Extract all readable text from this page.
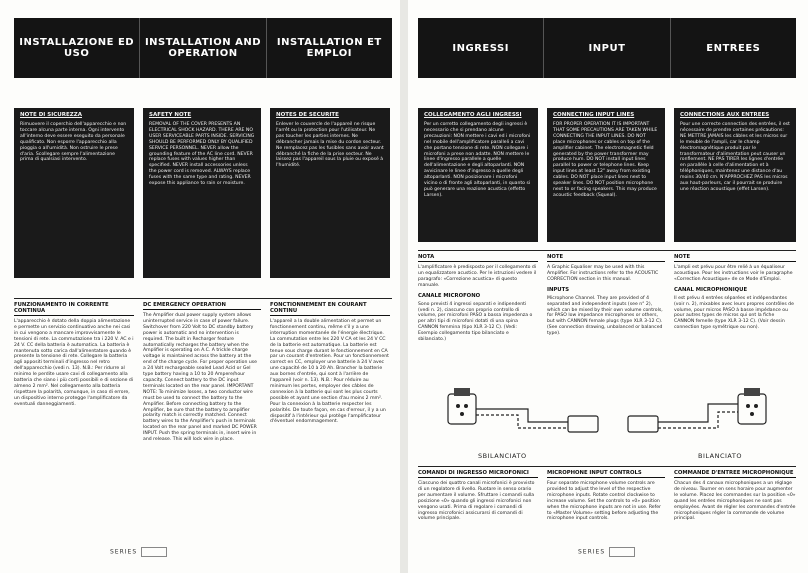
INSTALLAZIONE ED USO
INSTALLATION AND OPERATION
INSTALLATION ET EMPLOI
NOTE DI SICUREZZA
Rimuovere il coperchio dell'apparecchio e non toccare alcuna parte interna. Ogni intervento all'interno deve essere eseguito da personale qualificato. Non esporre l'apparecchio alla pioggia o all'umidità. Non ostruire le prese d'aria. Scollegare sempre l'alimentazione prima di qualsiasi intervento.
SAFETY NOTE
REMOVAL OF THE COVER PRESENTS AN ELECTRICAL SHOCK HAZARD. THERE ARE NO USER SERVICEABLE PARTS INSIDE. SERVICING SHOULD BE PERFORMED ONLY BY QUALIFIED SERVICE PERSONNEL. NEVER allow the grounding feature of the AC line cord. NEVER replace fuses with values higher than specified. NEVER install accessories unless the power cord is removed. ALWAYS replace fuses with the same type and rating. NEVER expose this appliance to rain or moisture.
NOTES DE SECURITE
Enlever le couvercle de l'appareil ne risque l'arrêt ou la protection pour l'utilisateur. Ne pas toucher les parties internes. Ne débrancher jamais la mise du cordon secteur. Ne remplacez pas les fusibles sans avoir avant débranché la fiche de la prise secteur. Ne laissez pas l'appareil sous la pluie ou exposé à l'humidité.
FUNZIONAMENTO IN CORRENTE CONTINUA
L'apparecchio è dotato della doppia alimentazione e permette un servizio continuativo anche nei casi in cui vengono a mancare improvvisamente le tensioni di rete. La commutazione tra i 220 V. AC e i 24 V. CC della batteria è automatica. La batteria è mantenuta sotto carica dall'alimentatore quando è presente la tensione di rete. Collegare la batteria agli appositi terminali d'ingresso nel retro dell'apparecchio (vedi n. 13). N.B.: Per ridurre al minimo le perdite usare cavi di collegamento alla batteria che siano i più corti possibili e di sezione di almeno 2 mm². Nel collegamento alla batteria rispettare la polarità, comunque, in caso di errore, un dispositivo interno protegge l'amplificatore da eventuali danneggiamenti.
DC EMERGENCY OPERATION
The Amplifier dual power supply system allows uninterrupted service in case of power failure. Switchover from 220 Volt to DC standby battery power is automatic and no intervention is required. The built in Recharger feature automatically recharges the battery when the Amplifier is operating on A.C. A trickle charge voltage is maintained across the battery at the end of the charge cycle. For proper operation use a 24 Volt rechargeable sealed Lead Acid or Gel type battery having a 10 to 20 Ampere/hour capacity. Connect battery to the DC input terminals located on the rear panel. IMPORTANT NOTE: To minimize losses, a two conductor wire must be used to connect the battery to the Amplifier. Before connecting battery to the Amplifier, be sure that the battery to amplifier polarity match is correctly matched. Connect battery wires to the Amplifier's push in terminals located on the rear panel and marked DC POWER INPUT. Push the spring terminals in, insert wire in and release. This will lock wire in place.
FONCTIONNEMENT EN COURANT CONTINU
L'appareil a la double alimentation et permet un fonctionnement continu, même s'il y a une interruption momentanée de l'énergie électrique. La commutation entre les 220 V CA et les 24 V CC de la batterie est automatique. La batterie est tenue sous charge durant le fonctionnement en CA par un courant d'entretien. Pour un fonctionnement correct en CC, employer une batterie à 24 V avec une capacité de 10 à 20 Ah. Brancher la batterie aux bornes d'entrée, qui sont à l'arrière de l'appareil (voir n. 13). N.B.: Pour réduire au minimum les pertes, employer des câbles de connexion à la batterie qui sont les plus courts possible et ayant une section d'au moins 2 mm². Pour la connexion à la batterie respecter les polarités. De toute façon, en cas d'erreur, il y a un dispositif à l'intérieur qui protège l'amplificateur d'éventuel endommagement.
SERIES
INGRESSI	INPUT	ENTREES
COLLEGAMENTO AGLI INGRESSI
Per un corretto collegamento degli ingressi è necessario che si prendano alcune precauzioni: NON mettere i cavi ed i microfoni nel mobile dell'amplificatore paralleli a cavi che portano tensione di rete. NON collegare i microfoni a prese non adatte. NON mettere le linee d'ingresso parallele a quelle dell'alimentazione e degli altoparlanti. NON avvicinare le linee d'ingresso a quelle degli altoparlanti. NON posizionare i microfoni vicino o di fronte agli altoparlanti, in quanto si può generare una reazione acustica (effetto Larsen).
CONNECTING INPUT LINES
FOR PROPER OPERATION IT IS IMPORTANT THAT SOME PRECAUTIONS ARE TAKEN WHILE CONNECTING THE INPUT LINES. DO NOT place microphones or cables on top of the amplifier cabinet. The electromagnetic field generated by the power transformer may produce hum. DO NOT install input lines parallel to power or telephone lines. Keep input lines at least 12" away from existing cables. DO NOT place input lines next to speaker lines. DO NOT position microphone next to or facing speakers. This may produce acoustic feedback (Squeal).
CONNECTIONS AUX ENTREES
Pour une correcte connection des entrées, il est nécessaire de prendre certaines précautions: NE METTRE JAMAIS les câbles et les micros sur le meuble de l'ampli, car le champ électromagnétique produit par le transformateur d'alimentation peut causer un ronflement. NE PAS TIRER les lignes d'entrée en parallèle à celle d'alimentation et à téléphoniques, maintenez une distance d'au moins 30/40 cm. N'APPROCHEZ PAS les micros aux haut-parleurs, car il pourrait se produire une réaction acoustique (effet Larsen).
NOTA
L'amplificatore è predisposto per il collegamento di un equalizzatore acustico. Per le istruzioni vedere il paragrafo: «Correzione acustica» di questo manuale.
CANALE MICROFONO
Sono previsti 4 ingressi separati e indipendenti (vedi n. 2), ciascuno con proprio controllo di volume, per microfoni PASO a bassa impedenza o per altri tipi di microfoni dotati di una spina CANNON femmina (tipo XLR 3-12 C). (Vedi: Esempio collegamento tipo bilanciato e sbilanciato.)
NOTE
A Graphic Equaliser may be used with this Amplifier. For instructions refer to the ACOUSTIC CORRECTION section in this manual.
INPUTS
Microphone Channel. They are provided of 4 separated and independent inputs (see n° 2), which can be mixed by their own volume controls, for PASO low impedance microphones or others, but with CANNON female plugs (type XLR 3-12 C). (See connection drawing, unbalanced or balanced type).
NOTE
L'ampli est prévu pour être relié à un équaliseur acoustique. Pour les instructions voir le paragraphe «Correction Acoustique» de ce Mode d'Emploi.
CANAL MICROPHONIQUE
Il est prévu 4 entrées séparées et indépendantes (voir n. 2), mixables avec leurs propres contrôles de volume, pour micros PASO à basse impédance ou pour autres types de micros qui ont la fiche CANNON femelle (type XLR 3-12 C). (Voir dessin connection type symétrique ou non).
SBILANCIATO	BILANCIATO
COMANDI DI INGRESSO MICROFONICI
Ciascuno dei quattro canali microfonici è provvisto di un regolatore di livello. Ruotare in senso orario per aumentare il volume. Sfruttare i comandi sulla posizione «0» quando gli ingressi microfonici non vengono usati. Prima di regolare i comandi di ingresso microfonici assicurarsi di comandi di volume principale.
MICROPHONE INPUT CONTROLS
Four separate microphone volume controls are provided to adjust the level of the respective microphone inputs. Rotate control clockwise to increase volume. Set the controls to «0» position when the microphone inputs are not in use. Refer to «Master Volume» setting before adjusting the microphone input controls.
COMMANDE D'ENTREE MICROPHONIQUE
Chacun des 4 canaux microphoniques a un réglage de niveau. Tourner en sens horaire pour augmenter le volume. Placez les commandes sur la position «0» quand les entrées microphoniques ne sont pas employées. Avant de régler les commandes d'entrée microphoniques régler la commande de volume principal.
SERIES
